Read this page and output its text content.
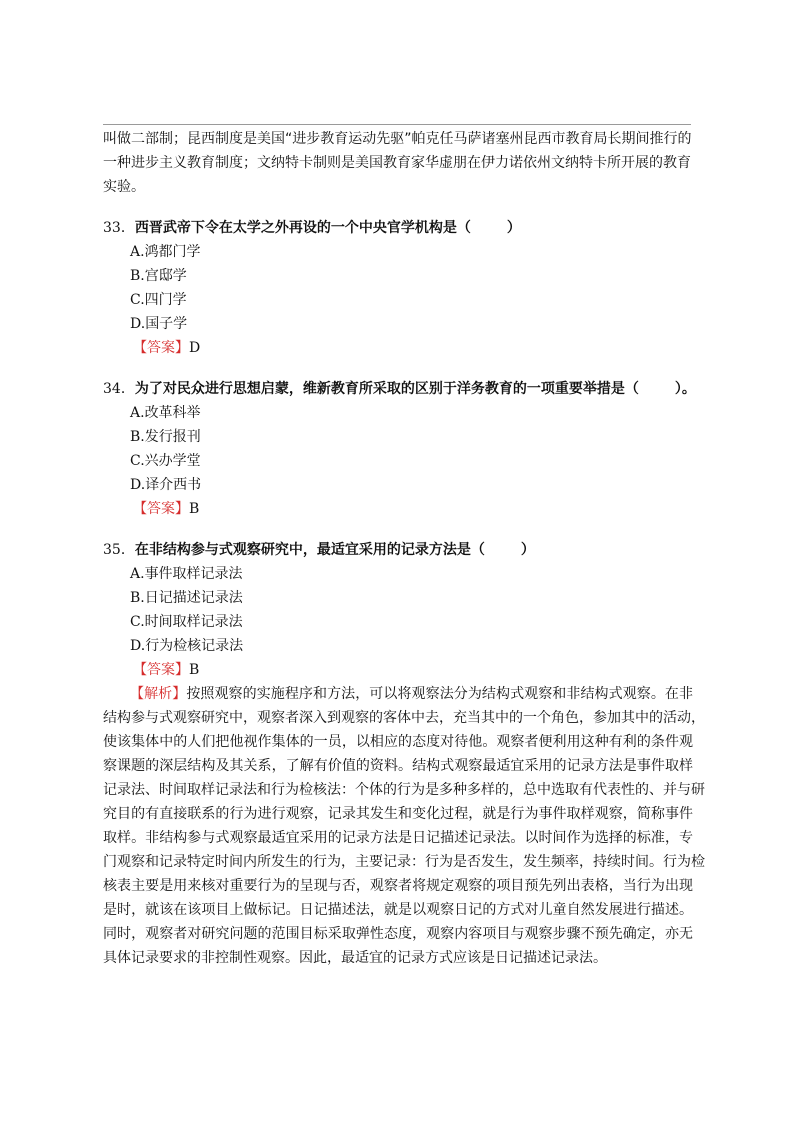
叫做二部制；昆西制度是美国“进步教育运动先驱”帕克任马萨诸塞州昆西市教育局长期间推行的
一种进步主义教育制度；文纳特卡制则是美国教育家华虚朋在伊力诺依州文纳特卡所开展的教育
实验。
33．西晋武帝下令在太学之外再设的一个中央官学机构是（	）
A.鸿都门学
B.宫邸学
C.四门学
D.国子学
【答案】D
34．为了对民众进行思想启蒙，维新教育所采取的区别于洋务教育的一项重要举措是（	）。
A.改革科举
B.发行报刊
C.兴办学堂
D.译介西书
【答案】B
35．在非结构参与式观察研究中，最适宜采用的记录方法是（	）
A.事件取样记录法
B.日记描述记录法
C.时间取样记录法
D.行为检核记录法
【答案】B
【解析】按照观察的实施程序和方法，可以将观察法分为结构式观察和非结构式观察。在非
结构参与式观察研究中，观察者深入到观察的客体中去，充当其中的一个角色，参加其中的活动，
使该集体中的人们把他视作集体的一员，以相应的态度对待他。观察者便利用这种有利的条件观
察课题的深层结构及其关系，了解有价值的资料。结构式观察最适宜采用的记录方法是事件取样
记录法、时间取样记录法和行为检核法：个体的行为是多种多样的，总中选取有代表性的、并与研
究目的有直接联系的行为进行观察，记录其发生和变化过程，就是行为事件取样观察，简称事件
取样。非结构参与式观察最适宜采用的记录方法是日记描述记录法。以时间作为选择的标准，专
门观察和记录特定时间内所发生的行为，主要记录：行为是否发生，发生频率，持续时间。行为检
核表主要是用来核对重要行为的呈现与否，观察者将规定观察的项目预先列出表格，当行为出现
是时，就该在该项目上做标记。日记描述法，就是以观察日记的方式对儿童自然发展进行描述。
同时，观察者对研究问题的范围目标采取弹性态度，观察内容项目与观察步骤不预先确定，亦无
具体记录要求的非控制性观察。因此，最适宜的记录方式应该是日记描述记录法。
